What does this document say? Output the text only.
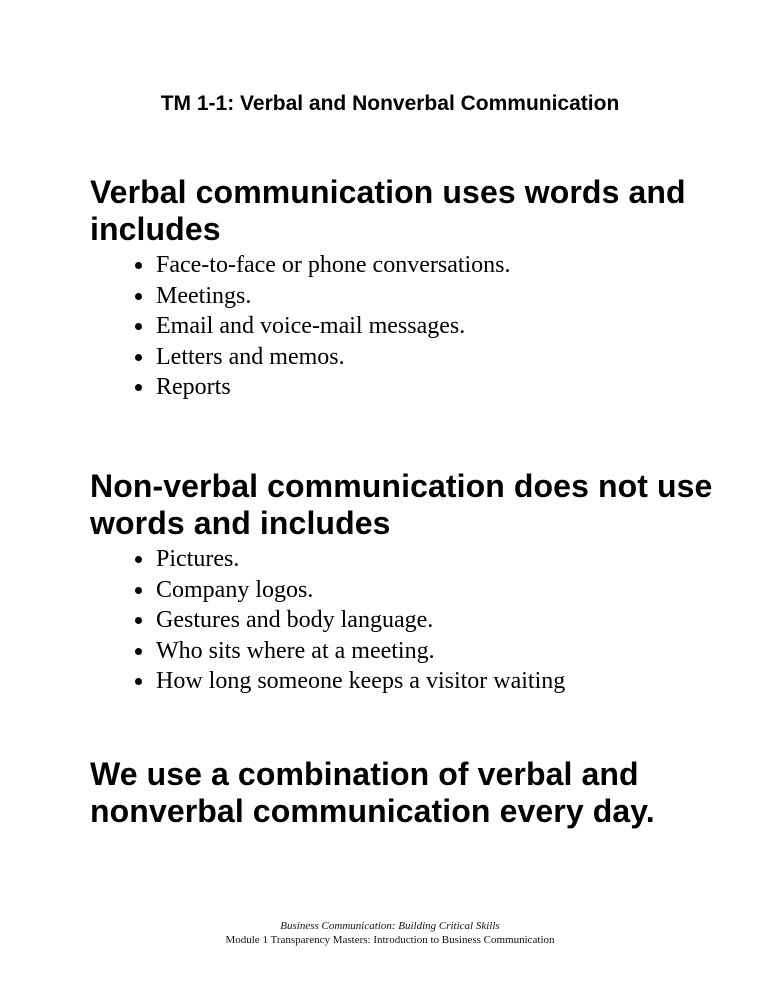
TM 1-1: Verbal and Nonverbal Communication
Verbal communication uses words and includes
Face-to-face or phone conversations.
Meetings.
Email and voice-mail messages.
Letters and memos.
Reports
Non-verbal communication does not use words and includes
Pictures.
Company logos.
Gestures and body language.
Who sits where at a meeting.
How long someone keeps a visitor waiting
We use a combination of verbal and nonverbal communication every day.
Business Communication: Building Critical Skills
Module 1 Transparency Masters: Introduction to Business Communication
